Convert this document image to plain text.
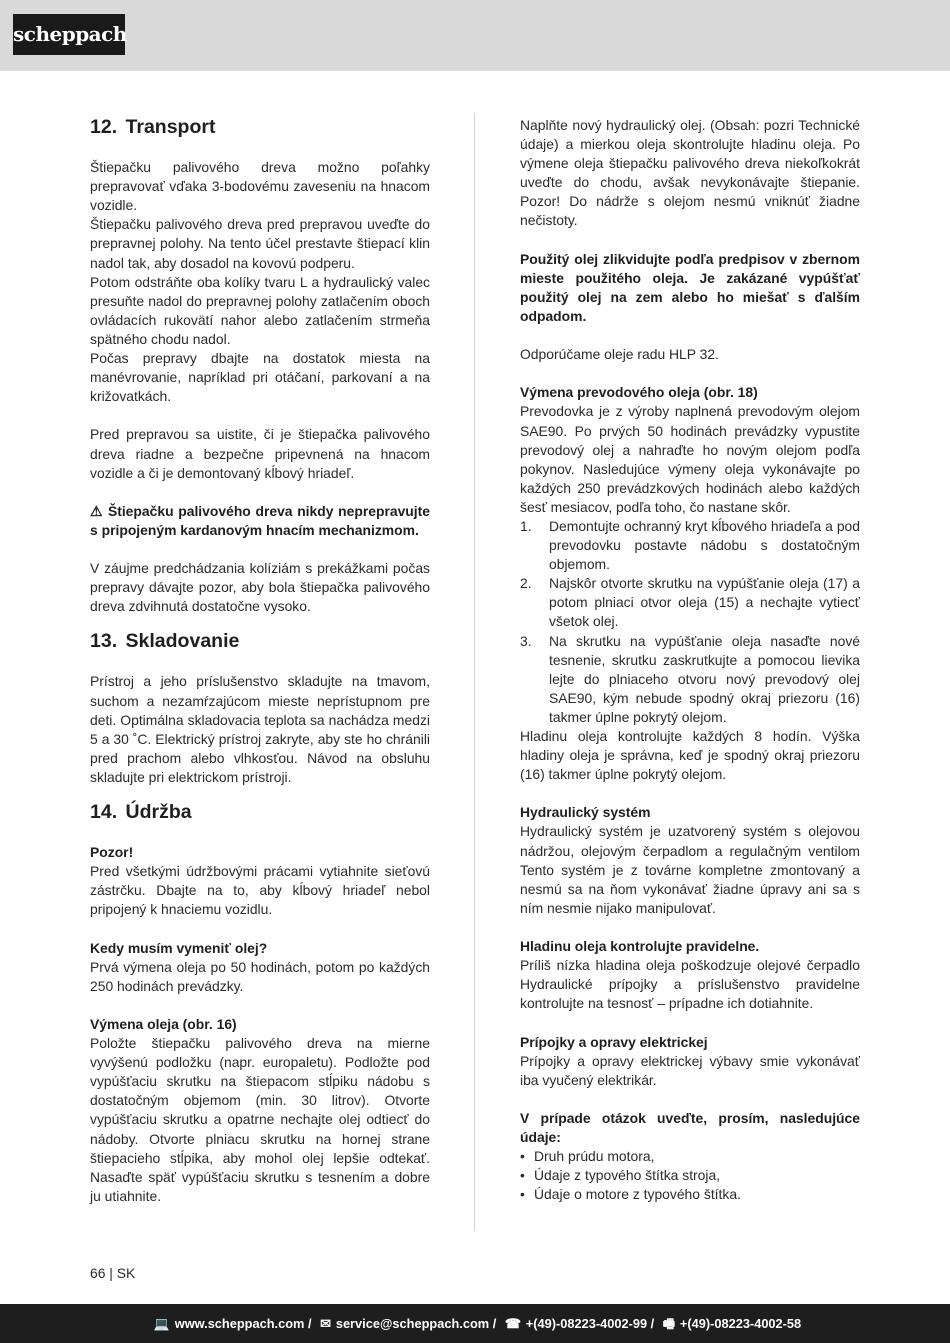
scheppach
12. Transport

Štiepačku palivového dreva možno poľahky prepravovať vďaka 3-bodovému zaveseniu na hnacom vozidle.

Štiepačku palivového dreva pred prepravou uveďte do prepravnej polohy. Na tento účel prestavte štiepací klin nadol tak, aby dosadol na kovovú podperu.

Potom odstráňte oba kolíky tvaru L a hydraulický valec presuňte nadol do prepravnej polohy zatlačením oboch ovládacích rukovätí nahor alebo zatlačením strmeňa spätného chodu nadol.

Počas prepravy dbajte na dostatok miesta na manévrovanie, napríklad pri otáčaní, parkovaní a na križovatkách.

Pred prepravou sa uistite, či je štiepačka palivového dreva riadne a bezpečne pripevnená na hnacom vozidle a či je demontovaný kĺbový hriadeľ.

⚠ Štiepačku palivového dreva nikdy neprepravujte s pripojeným kardanovým hnacím mechanizmom.

V záujme predchádzania kolíziám s prekážkami počas prepravy dávajte pozor, aby bola štiepačka palivového dreva zdvihnutá dostatočne vysoko.

13. Skladovanie

Prístroj a jeho príslušenstvo skladujte na tmavom, suchom a nezamŕzajúcom mieste neprístupnom pre deti. Optimálna skladovacia teplota sa nachádza medzi 5 a 30 ˚C. Elektrický prístroj zakryte, aby ste ho chránili pred prachom alebo vlhkosťou. Návod na obsluhu skladujte pri elektrickom prístroji.

14. Údržba

Pozor!

Pred všetkými údržbovými prácami vytiahnite sieťovú zástrčku. Dbajte na to, aby kĺbový hriadeľ nebol pripojený k hnaciemu vozidlu.

Kedy musím vymeniť olej?

Prvá výmena oleja po 50 hodinách, potom po každých 250 hodinách prevádzky.

Výmena oleja (obr. 16)

Položte štiepačku palivového dreva na mierne vyvýšenú podložku (napr. europaletu). Podložte pod vypúšťaciu skrutku na štiepacom stĺpiku nádobu s dostatočným objemom (min. 30 litrov). Otvorte vypúšťaciu skrutku a opatrne nechajte olej odtiecť do nádoby. Otvorte plniacu skrutku na hornej strane štiepacieho stĺpika, aby mohol olej lepšie odtekať. Nasaďte späť vypúšťaciu skrutku s tesnením a dobre ju utiahnite.

Naplňte nový hydraulický olej. (Obsah: pozri Technické údaje) a mierkou oleja skontrolujte hladinu oleja. Po výmene oleja štiepačku palivového dreva niekoľkokrát uveďte do chodu, avšak nevykonávajte štiepanie. Pozor! Do nádrže s olejom nesmú vniknúť žiadne nečistoty.

Použitý olej zlikvidujte podľa predpisov v zbernom mieste použitého oleja. Je zakázané vypúšťať použitý olej na zem alebo ho miešať s ďalším odpadom.

Odporúčame oleje radu HLP 32.

Výmena prevodového oleja (obr. 18)

Prevodovka je z výroby naplnená prevodovým olejom SAE90. Po prvých 50 hodinách prevádzky vypustite prevodový olej a nahraďte ho novým olejom podľa pokynov. Nasledujúce výmeny oleja vykonávajte po každých 250 prevádzkových hodinách alebo každých šesť mesiacov, podľa toho, čo nastane skôr.

1. Demontujte ochranný kryt kĺbového hriadeľa a pod prevodovku postavte nádobu s dostatočným objemom.
2. Najskôr otvorte skrutku na vypúšťanie oleja (17) a potom plniaci otvor oleja (15) a nechajte vytiecť všetok olej.
3. Na skrutku na vypúšťanie oleja nasaďte nové tesnenie, skrutku zaskrutkujte a pomocou lievika lejte do plniaceho otvoru nový prevodový olej SAE90, kým nebude spodný okraj priezoru (16) takmer úplne pokrytý olejom.

Hladinu oleja kontrolujte každých 8 hodín. Výška hladiny oleja je správna, keď je spodný okraj priezoru (16) takmer úplne pokrytý olejom.

Hydraulický systém

Hydraulický systém je uzatvorený systém s olejovou nádržou, olejovým čerpadlom a regulačným ventilom Tento systém je z továrne kompletne zmontovaný a nesmú sa na ňom vykonávať žiadne úpravy ani sa s ním nesmie nijako manipulovať.

Hladinu oleja kontrolujte pravidelne.

Príliš nízka hladina oleja poškodzuje olejové čerpadlo Hydraulické prípojky a príslušenstvo pravidelne kontrolujte na tesnosť – prípadne ich dotiahnite.

Prípojky a opravy elektrickej

Prípojky a opravy elektrickej výbavy smie vykonávať iba vyučený elektrikár.

V prípade otázok uveďte, prosím, nasledujúce údaje:

• Druh prúdu motora,
• Údaje z typového štítka stroja,
• Údaje o motore z typového štítka.
66 | SK
💻 www.scheppach.com / ✉ service@scheppach.com / ☎ +(49)-08223-4002-99 / 🖷 +(49)-08223-4002-58
